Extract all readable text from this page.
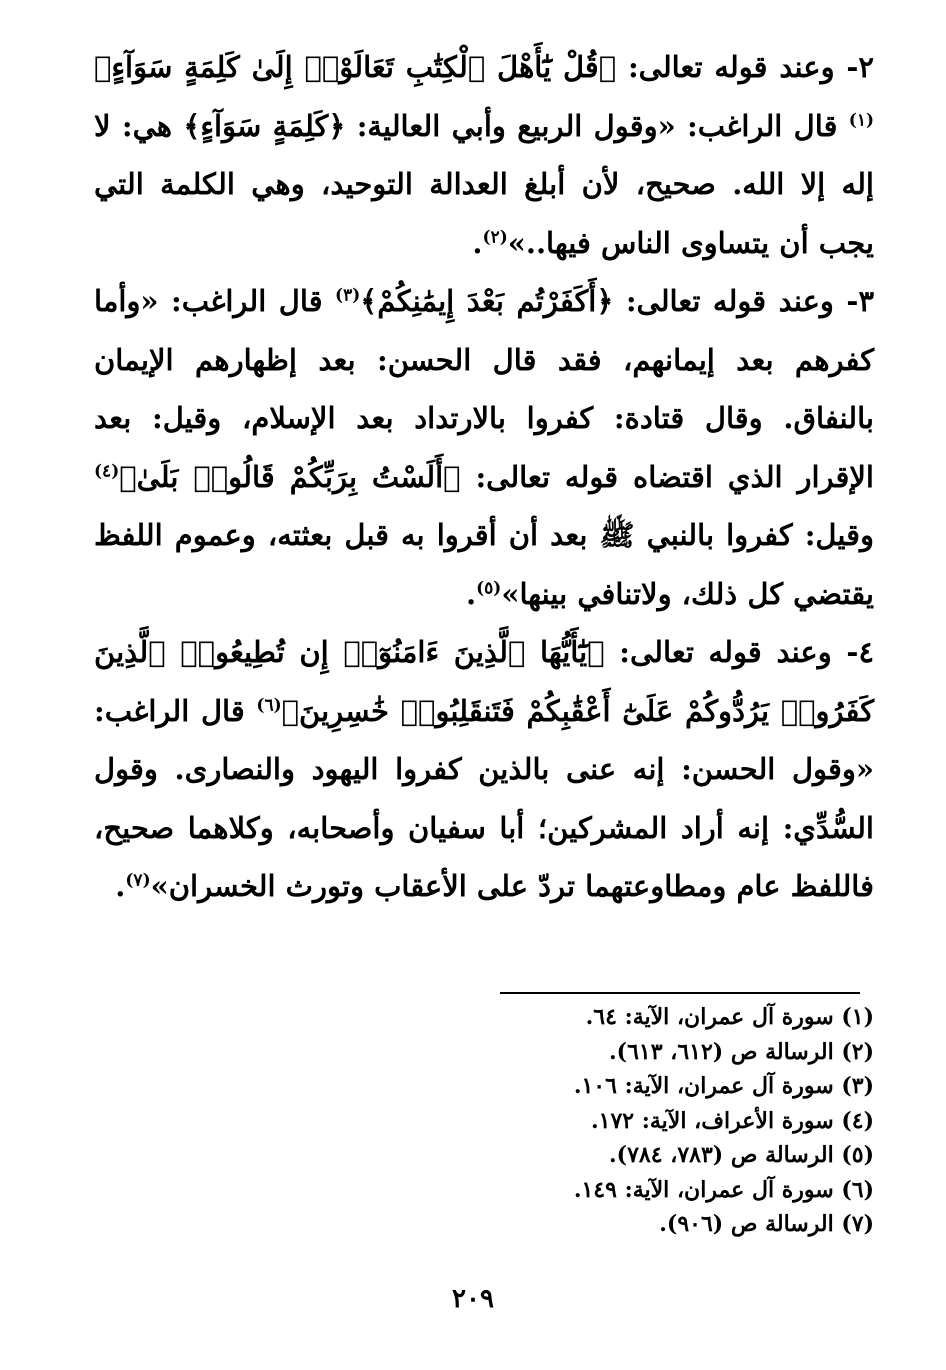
٢- وعند قوله تعالى: ﴿قُلْ يَٰٓأَهْلَ ٱلْكِتَٰبِ تَعَالَوْا۟ إِلَىٰ كَلِمَةٍ سَوَآءٍ﴾$^{(١)}$ قال الراغب: «وقول الربيع وأبي العالية: ﴿كَلِمَةٍ سَوَآءٍ﴾ هي: لا إله إلا الله. صحيح، لأن أبلغ العدالة التوحيد، وهي الكلمة التي يجب أن يتساوى الناس فيها..»$^{(٢)}$.

٣- وعند قوله تعالى: ﴿أَكَفَرْتُم بَعْدَ إِيمَٰنِكُمْ﴾$^{(٣)}$ قال الراغب: «وأما كفرهم بعد إيمانهم، فقد قال الحسن: بعد إظهارهم الإيمان بالنفاق. وقال قتادة: كفروا بالارتداد بعد الإسلام، وقيل: بعد الإقرار الذي اقتضاه قوله تعالى: ﴿أَلَسْتُ بِرَبِّكُمْ قَالُوا۟ بَلَىٰ﴾$^{(٤)}$ وقيل: كفروا بالنبي ﷺ بعد أن أقروا به قبل بعثته، وعموم اللفظ يقتضي كل ذلك، ولاتنافي بينها»$^{(٥)}$.

٤- وعند قوله تعالى: ﴿يَٰٓأَيُّهَا ٱلَّذِينَ ءَامَنُوٓا۟ إِن تُطِيعُوا۟ ٱلَّذِينَ كَفَرُوا۟ يَرُدُّوكُمْ عَلَىٰٓ أَعْقَٰبِكُمْ فَتَنقَلِبُوا۟ خَٰسِرِينَ﴾$^{(٦)}$ قال الراغب: «وقول الحسن: إنه عنى بالذين كفروا اليهود والنصارى. وقول السُّدِّي: إنه أراد المشركين؛ أبا سفيان وأصحابه، وكلاهما صحيح، فاللفظ عام ومطاوعتهما تردّ على الأعقاب وتورث الخسران»$^{(٧)}$.

(١) سورة آل عمران، الآية: ٦٤.
(٢) الرسالة ص (٦١٢، ٦١٣).
(٣) سورة آل عمران، الآية: ١٠٦.
(٤) سورة الأعراف، الآية: ١٧٢.
(٥) الرسالة ص (٧٨٣، ٧٨٤).
(٦) سورة آل عمران، الآية: ١٤٩.
(٧) الرسالة ص (٩٠٦).
٢٠٩
